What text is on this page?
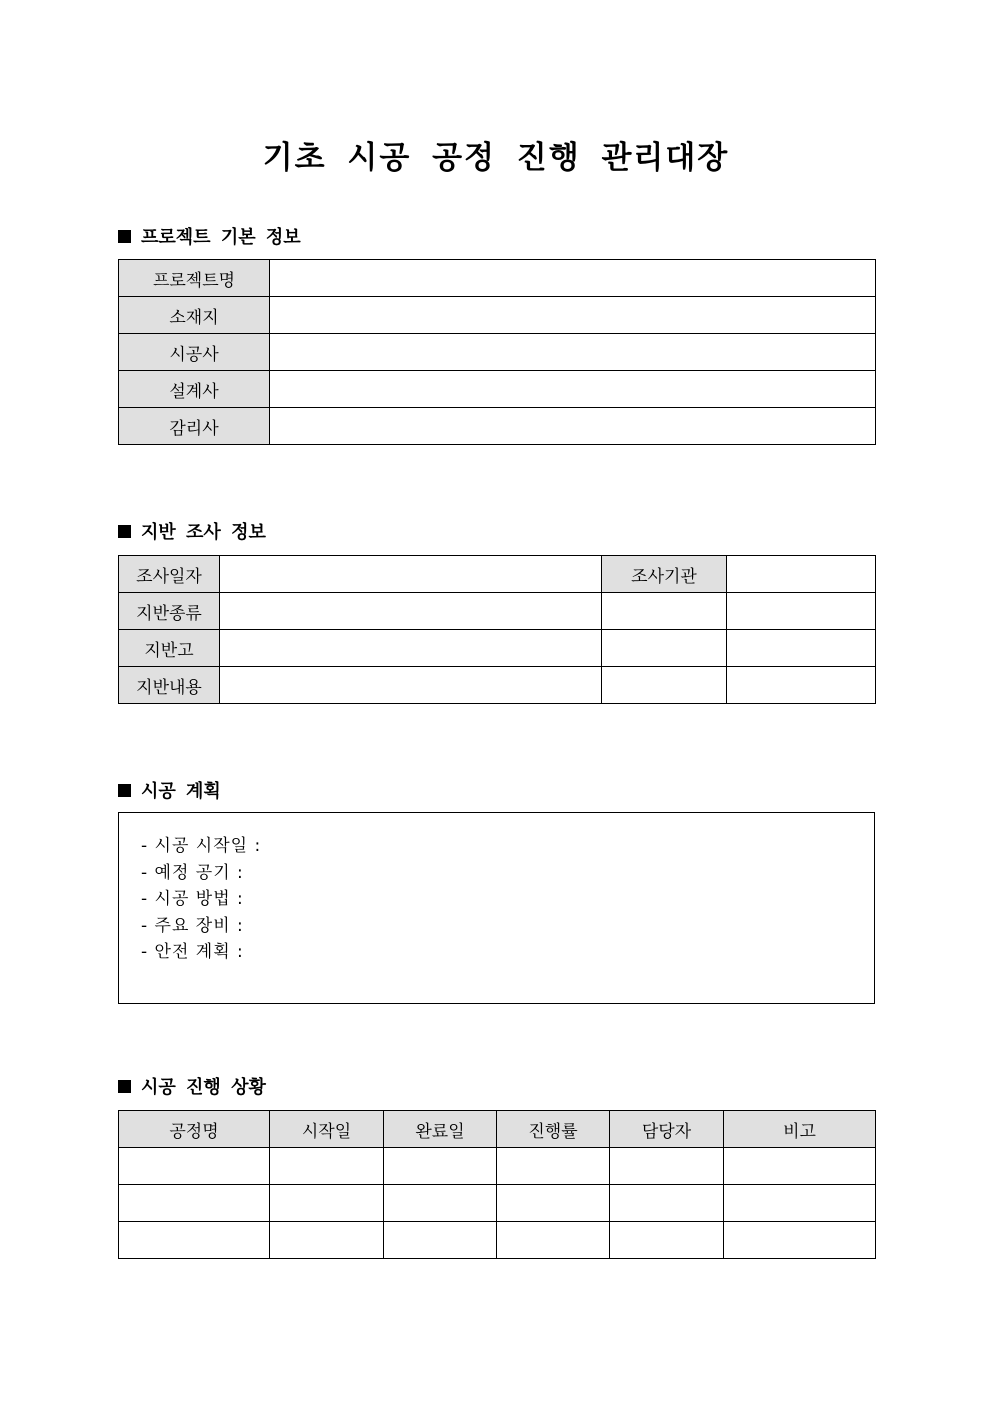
기초 시공 공정 진행 관리대장
프로젝트 기본 정보
프로젝트명	
소재지	
시공사	
설계사	
감리사	
지반 조사 정보
조사일자		조사기관	
지반종류			
지반고			
지반내용			
시공 계획
- 시공 시작일 :
- 예정 공기 :
- 시공 방법 :
- 주요 장비 :
- 안전 계획 :
시공 진행 상황
공정명	시작일	완료일	진행률	담당자	비고
